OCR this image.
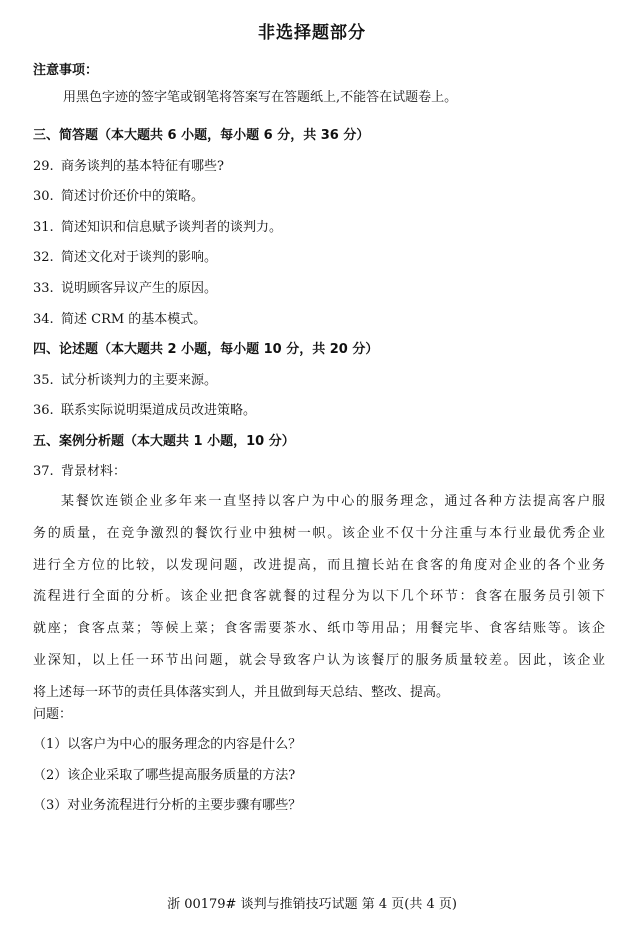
非选择题部分
注意事项：
用黑色字迹的签字笔或钢笔将答案写在答题纸上,不能答在试题卷上。
三、简答题（本大题共 6 小题，每小题 6 分，共 36 分）
29. 商务谈判的基本特征有哪些?
30. 简述讨价还价中的策略。
31. 简述知识和信息赋予谈判者的谈判力。
32. 简述文化对于谈判的影响。
33. 说明顾客异议产生的原因。
34. 简述 CRM 的基本模式。
四、论述题（本大题共 2 小题，每小题 10 分，共 20 分）
35. 试分析谈判力的主要来源。
36. 联系实际说明渠道成员改进策略。
五、案例分析题（本大题共 1 小题，10 分）
37. 背景材料：
某餐饮连锁企业多年来一直坚持以客户为中心的服务理念，通过各种方法提高客户服
务的质量，在竞争激烈的餐饮行业中独树一帜。该企业不仅十分注重与本行业最优秀企业
进行全方位的比较，以发现问题，改进提高，而且擅长站在食客的角度对企业的各个业务
流程进行全面的分析。该企业把食客就餐的过程分为以下几个环节：食客在服务员引领下
就座；食客点菜；等候上菜；食客需要茶水、纸巾等用品；用餐完毕、食客结账等。该企
业深知，以上任一环节出问题，就会导致客户认为该餐厅的服务质量较差。因此，该企业
将上述每一环节的责任具体落实到人，并且做到每天总结、整改、提高。
问题：
（1）以客户为中心的服务理念的内容是什么？
（2）该企业采取了哪些提高服务质量的方法?
（3）对业务流程进行分析的主要步骤有哪些？
浙 00179# 谈判与推销技巧试题 第 4 页(共 4 页)
